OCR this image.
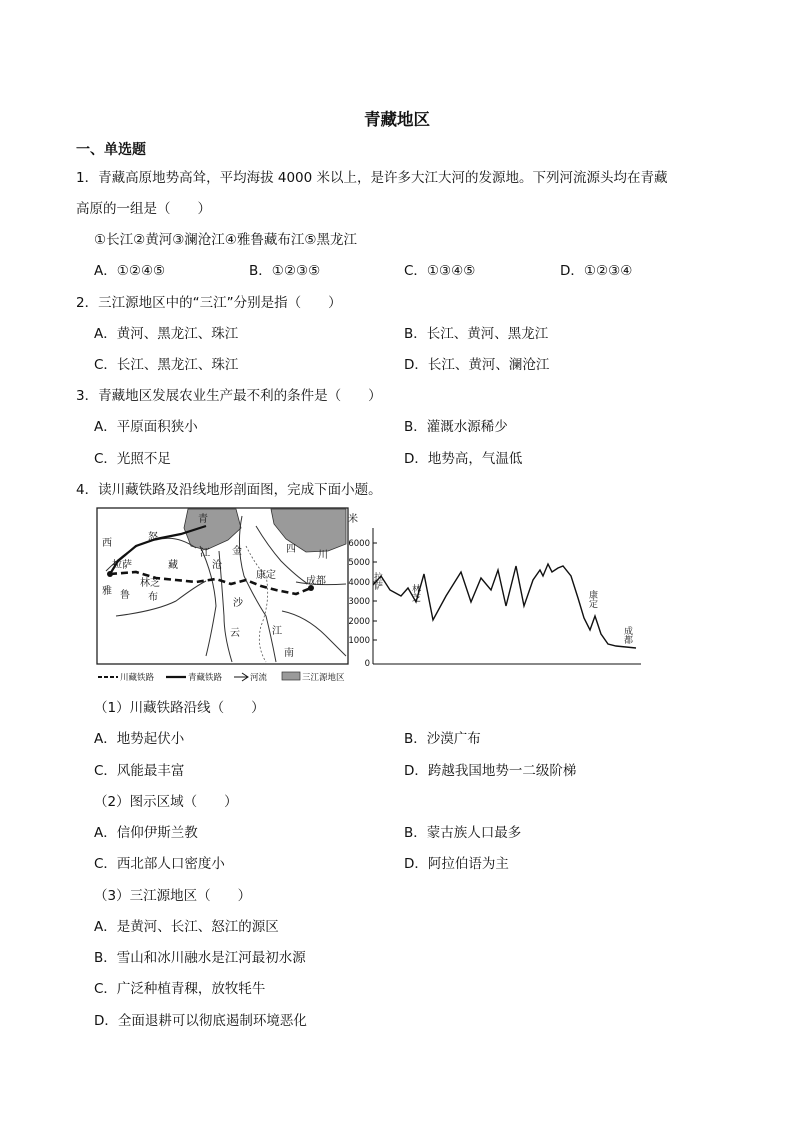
青藏地区
一、单选题
1．青藏高原地势高耸，平均海拔 4000 米以上，是许多大江大河的发源地。下列河流源头均在青藏
高原的一组是（　　）
①长江②黄河③澜沧江④雅鲁藏布江⑤黑龙江
A．①②④⑤	B．①②③⑤	C．①③④⑤	D．①②③④
2．三江源地区中的“三江”分别是指（　　）
A．黄河、黑龙江、珠江	B．长江、黄河、黑龙江
C．长江、黑龙江、珠江	D．长江、黄河、澜沧江
3．青藏地区发展农业生产最不利的条件是（　　）
A．平原面积狭小	B．灌溉水源稀少
C．光照不足	D．地势高，气温低
4．读川藏铁路及沿线地形剖面图，完成下面小题。
西
怒
青
藏
拉萨
林芝
雅 鲁 布
江
沧
金	四
川
康定
成都
沙
云	江
南
川藏铁路	青藏铁路	河流	三江源地区
米
6000
5000
4000
3000
2000
1000
0
拉萨
林芝	康定
成都
（1）川藏铁路沿线（　　）
A．地势起伏小	B．沙漠广布
C．风能最丰富	D．跨越我国地势一二级阶梯
（2）图示区域（　　）
A．信仰伊斯兰教	B．蒙古族人口最多
C．西北部人口密度小	D．阿拉伯语为主
（3）三江源地区（　　）
A．是黄河、长江、怒江的源区
B．雪山和冰川融水是江河最初水源
C．广泛种植青稞，放牧牦牛
D．全面退耕可以彻底遏制环境恶化
